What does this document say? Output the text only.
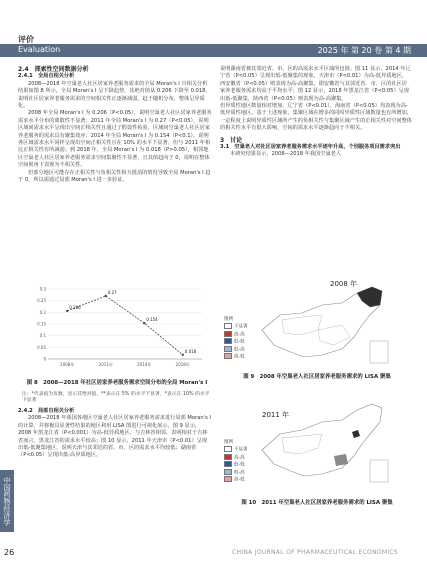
评价
Evaluation	2025 年 第 20 卷 第 4 期
2.4　探索性空间数据分析
2.4.1　全局自相关分析

2008—2018 年空巢老人社区居家养老服务需求的全局 Moran's I 自相关分析结果如图 8 所示。全局 Moran's I 呈下降趋势，其绝对值从 0.206 下降至 0.018，说明社区居家养老服务需求的空间相关性正逐渐减弱，趋于随机分布，整体呈异质化。

2008 年全局 Moran's I 为 0.206（P<0.05），说明空巢老人社区居家养老服务需求水平分布的离散性不显著；2011 年全局 Moran's I 为 0.27（P<0.05），说明区域间需求水平呈现出空间正相关性且通过了假设性检验，区域间空巢老人社区居家养老服务的需求具有聚集效应；2014 年全局 Moran's I 为 0.154（P<0.1），说明各区域需求水平同样呈现出空间正相关性且在 10% 的水平下显著，但与 2011 年相比正相关性有所减弱；到 2018 年，全局 Moran's I 为 0.018（P>0.05），相邻地区空巢老人社区居家养老服务需求空间集聚性不显著，且其值趋向于 0，说明在整体空间视角下表现为不相关性。

但部分地区可能存在正相关性与负相关性相互抵消的情况导致全局 Moran's I 趋于 0，所以需通过局部 Moran's I 进一步验证。

0
0.05
0.1
0.15
0.2
0.25
0.3
2008年	2011年	2014年	2018年
0.206
0.27
0.154
0.018
图 8　2008—2018 年社区居家养老服务需求空间分布的全局 Moran's I
注：*代表值为负数，显示其绝对值，**表示在 5% 的水平下显著，*表示在 10% 的水平下显著
2.4.2　局部自相关分析

2008—2018 年我国各地区空巢老人社区居家养老服务需求进行局部 Moran's I 的计算，并将极具显著性结果的地区利用 LISA 图进行可视化展示，图 9 显示，2008 年黑龙江省（P<0.001）为高-低异质地区，与吉林省相邻，表明相对于吉林省而言，黑龙江省的需求水平较高；图 10 显示，2011 年天津市（P<0.01）呈现出低-低聚集地区，说明天津与其邻近的省、市、区的需求水平均较低；湖南省（P<0.05）呈现出低-高异质地区，

说明湖南省被其邻近省、市、区的高需求水平区域所包围；图 11 显示，2014 年辽宁省（P<0.05）呈现出低-低聚集的现象，天津市（P<0.01）为高-低异质地区，西安徽省（P<0.05）则表现为高-高聚集，即安徽省与其邻近省、市、区的社区居家养老服务需求均高于平均水平；图 12 显示，2018 年黑龙江省（P<0.05）呈现出低-低聚集，陕西省（P<0.05）则表现为高-高聚集。

但异质性地区数量相对增加，辽宁省（P<0.01）、海南省（P<0.05）均表现为高-低异质性地区。基于上述现象，集聚区域在增多的同时异质性区域数量也有所增加，一定程度上说明异质性区域所产生的负相关性与集聚区域产生的正相关性对空间整体的相关性水平有很大影响，空间的需求水平逐渐趋向于不相关。

3　讨论
3.1　空巢老人对社区居家养老服务需求水平逐年升高，个别服务项目需求突出

本研究结果显示，2008—2018 年我国空巢老人

2008 年
图例
不显著
高-高
低-低
低-高
高-低
图 9　2008 年空巢老人社区居家养老服务需求的 LISA 聚集
2011 年
图例
不显著
高-高
低-低
低-高
高-低
图 10　2011 年空巢老人社区居家养老服务需求的 LISA 聚集
中国药物经济学
26	CHINA JOURNAL OF PHARMACEUTICAL ECONOMICS
